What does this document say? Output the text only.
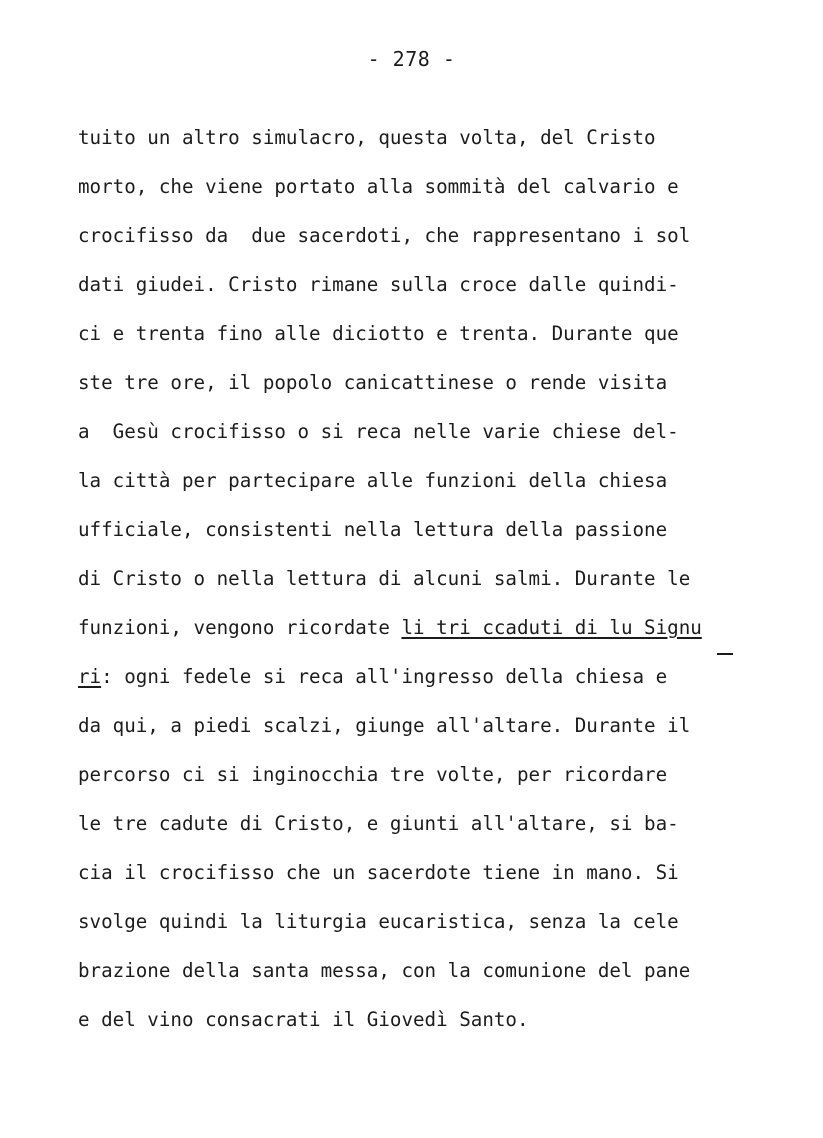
- 278 -
tuito un altro simulacro, questa volta, del Cristo
morto, che viene portato alla sommità del calvario e
crocifisso da  due sacerdoti, che rappresentano i sol
dati giudei. Cristo rimane sulla croce dalle quindi-
ci e trenta fino alle diciotto e trenta. Durante que
ste tre ore, il popolo canicattinese o rende visita
a  Gesù crocifisso o si reca nelle varie chiese del-
la città per partecipare alle funzioni della chiesa
ufficiale, consistenti nella lettura della passione
di Cristo o nella lettura di alcuni salmi. Durante le
funzioni, vengono ricordate li tri ccaduti di lu Signu
ri: ogni fedele si reca all'ingresso della chiesa e
da qui, a piedi scalzi, giunge all'altare. Durante il
percorso ci si inginocchia tre volte, per ricordare
le tre cadute di Cristo, e giunti all'altare, si ba-
cia il crocifisso che un sacerdote tiene in mano. Si
svolge quindi la liturgia eucaristica, senza la cele
brazione della santa messa, con la comunione del pane
e del vino consacrati il Giovedì Santo.
